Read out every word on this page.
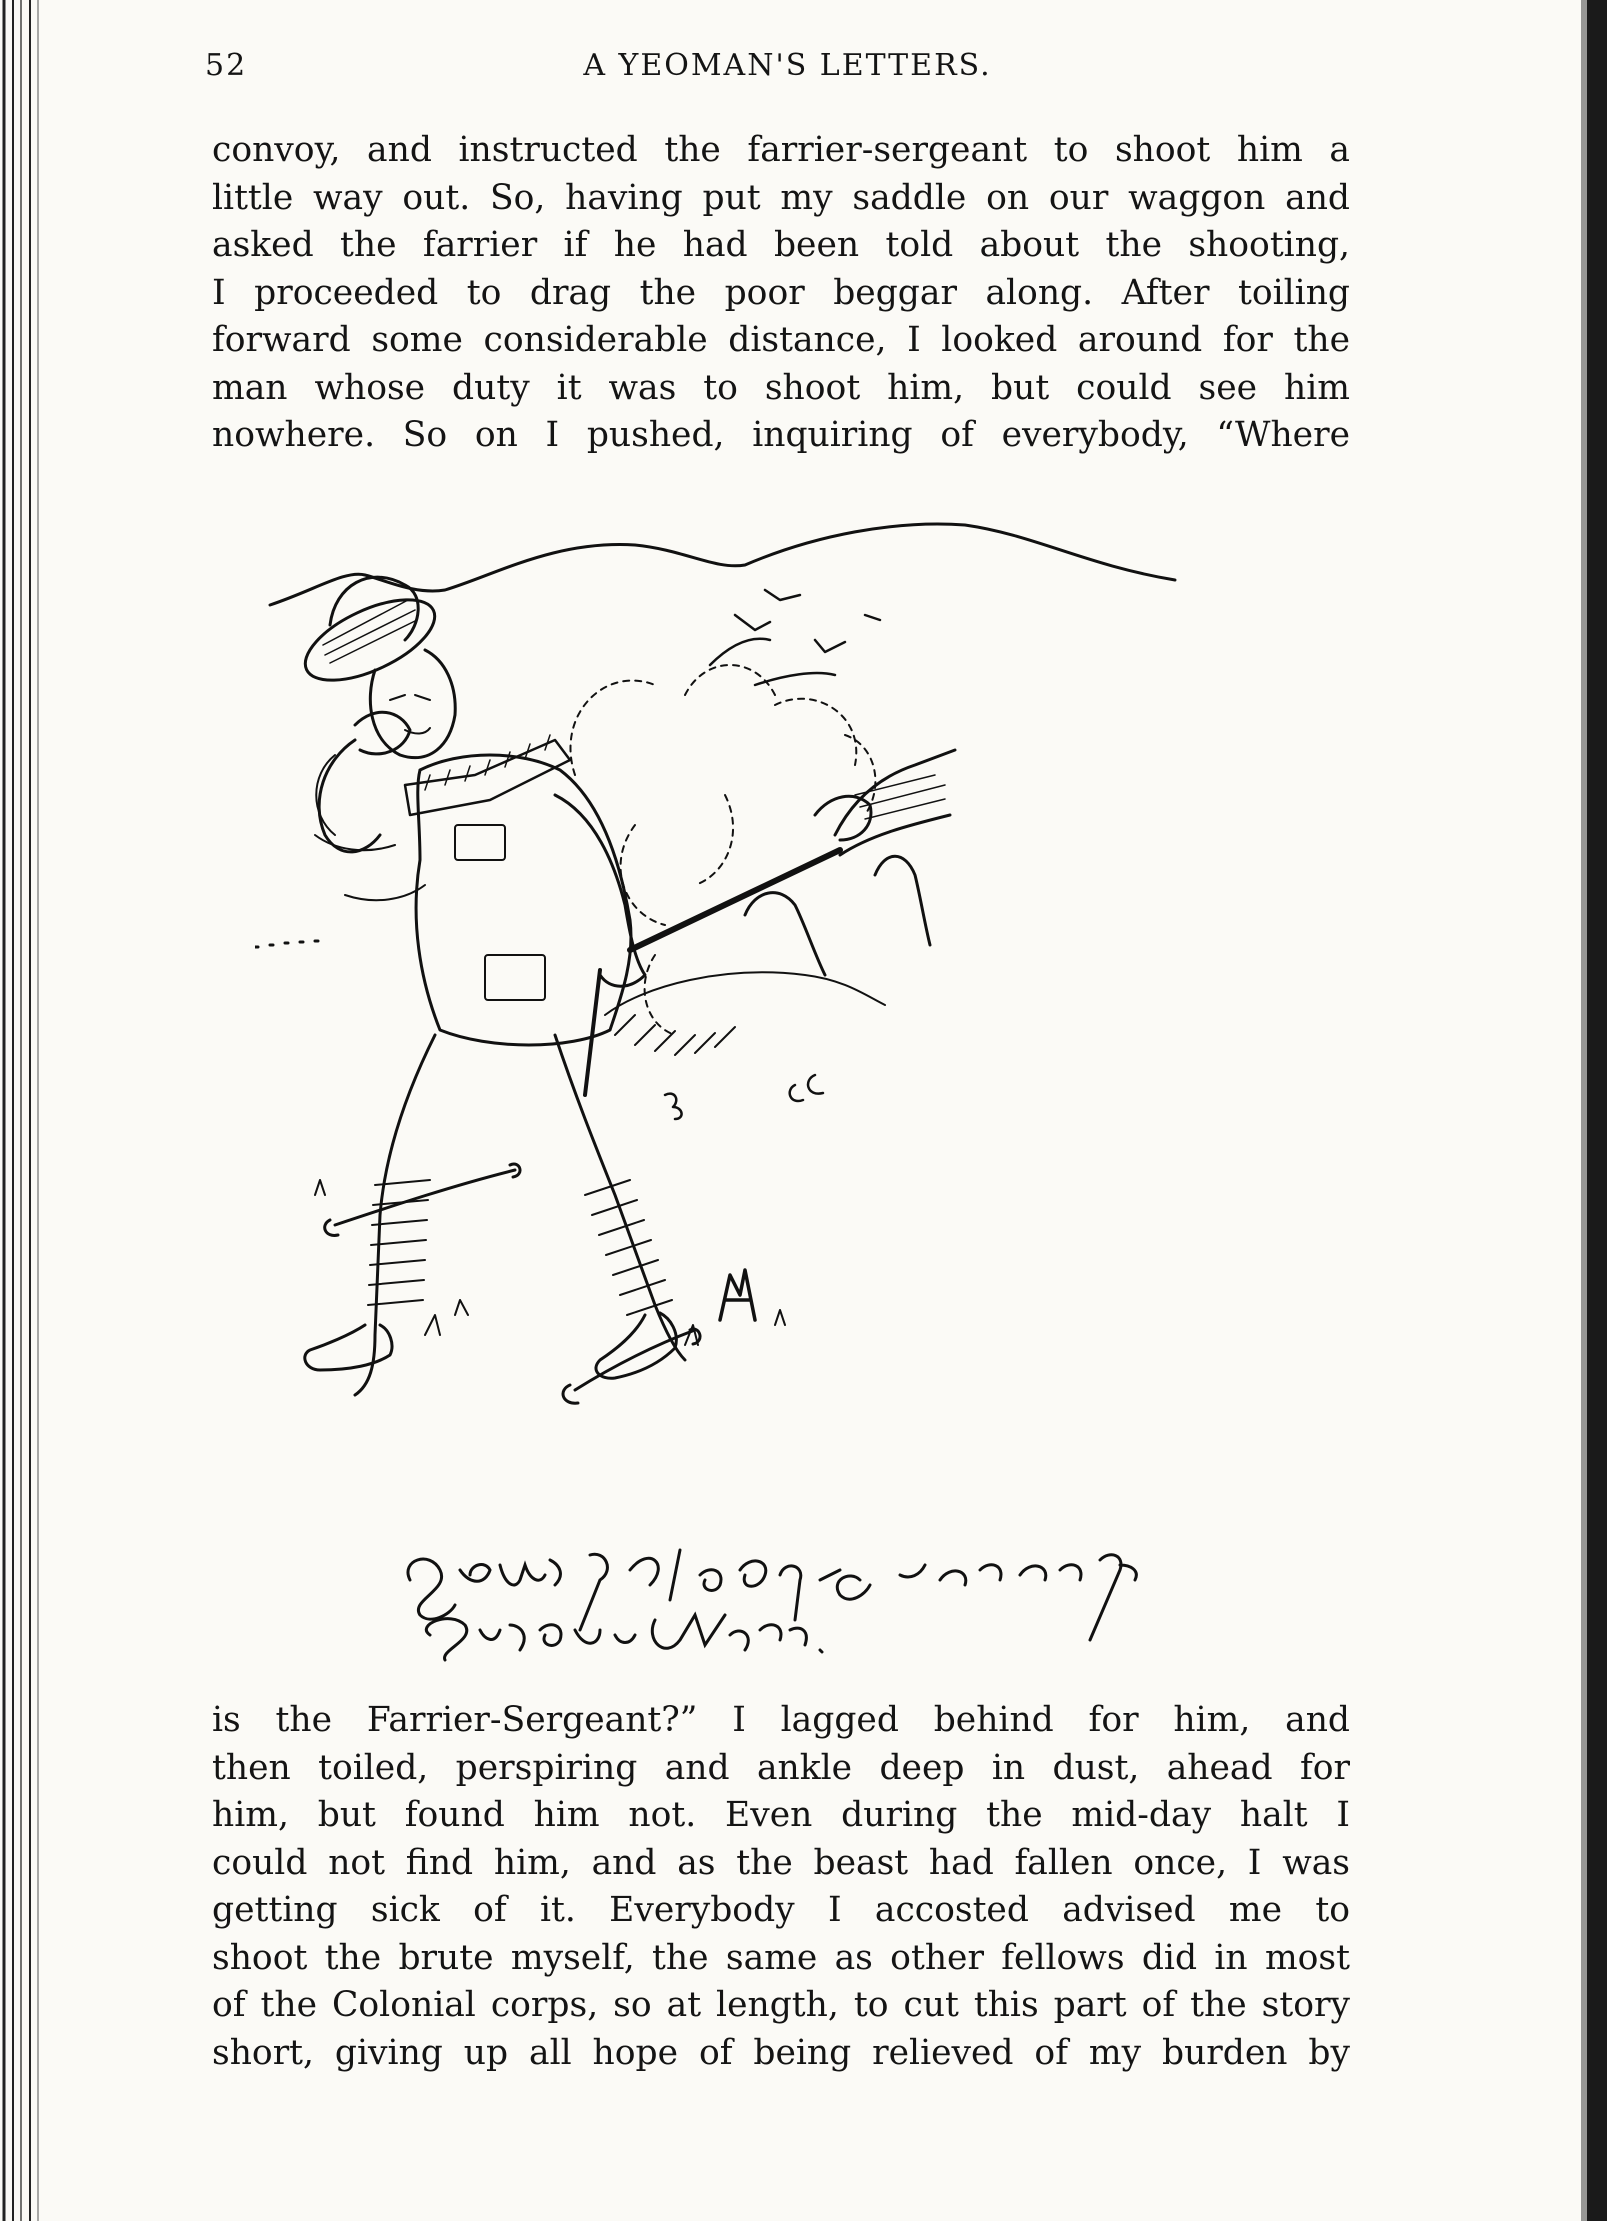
52	A YEOMAN'S LETTERS.
convoy, and instructed the farrier-sergeant to shoot him a
little way out. So, having put my saddle on our waggon and
asked the farrier if he had been told about the shooting,
I proceeded to drag the poor beggar along. After toiling
forward some considerable distance, I looked around for the
man whose duty it was to shoot him, but could see him
nowhere. So on I pushed, inquiring of everybody, “Where
is the Farrier-Sergeant?” I lagged behind for him, and
then toiled, perspiring and ankle deep in dust, ahead for
him, but found him not. Even during the mid-day halt I
could not find him, and as the beast had fallen once, I was
getting sick of it. Everybody I accosted advised me to
shoot the brute myself, the same as other fellows did in most
of the Colonial corps, so at length, to cut this part of the story
short, giving up all hope of being relieved of my burden by
